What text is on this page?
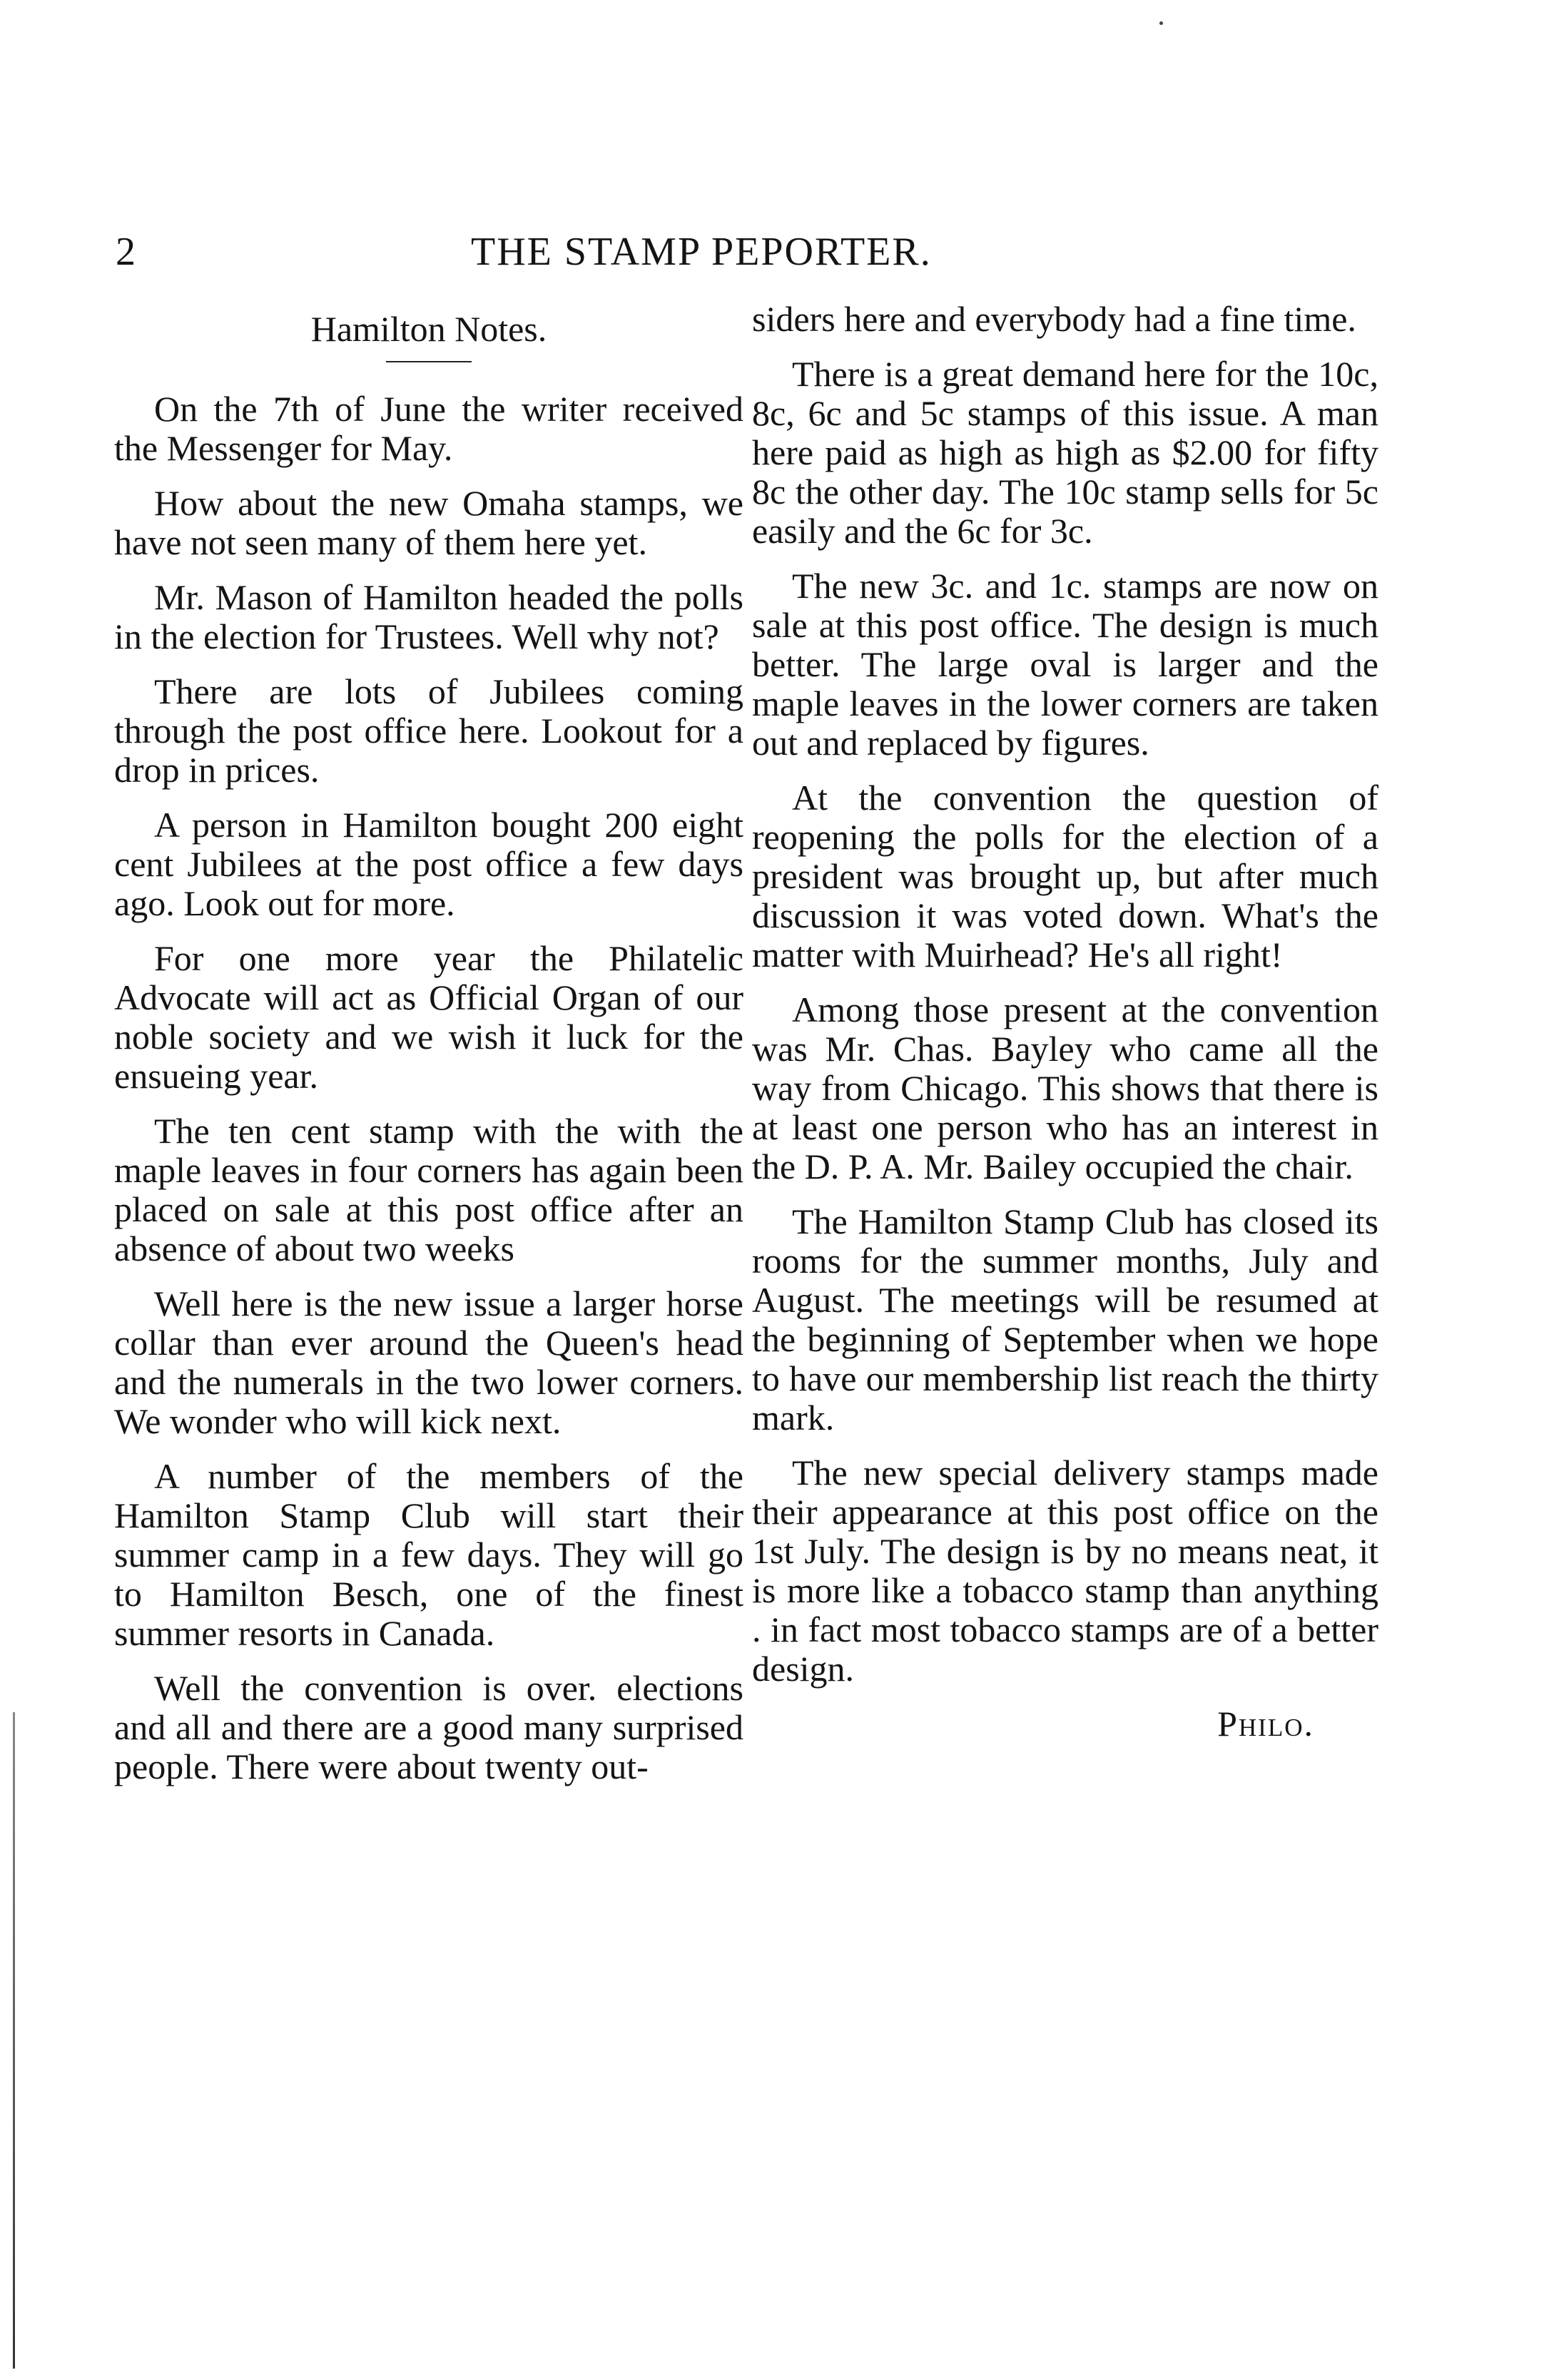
2	THE STAMP PEPORTER.
Hamilton Notes.

On the 7th of June the writer received the Messenger for May.

How about the new Omaha stamps, we have not seen many of them here yet.

Mr. Mason of Hamilton headed the polls in the election for Trustees. Well why not?

There are lots of Jubilees coming through the post office here. Lookout for a drop in prices.

A person in Hamilton bought 200 eight cent Jubilees at the post office a few days ago. Look out for more.

For one more year the Philatelic Advocate will act as Official Organ of our noble society and we wish it luck for the ensueing year.

The ten cent stamp with the with the maple leaves in four corners has again been placed on sale at this post office after an absence of about two weeks

Well here is the new issue a larger horse collar than ever around the Queen's head and the numerals in the two lower corners. We wonder who will kick next.

A number of the members of the Hamilton Stamp Club will start their summer camp in a few days. They will go to Hamilton Besch, one of the finest summer resorts in Canada.

Well the convention is over. elections and all and there are a good many surprised people. There were about twenty out-

siders here and everybody had a fine time.

There is a great demand here for the 10c, 8c, 6c and 5c stamps of this issue. A man here paid as high as high as $2.00 for fifty 8c the other day. The 10c stamp sells for 5c easily and the 6c for 3c.

The new 3c. and 1c. stamps are now on sale at this post office. The design is much better. The large oval is larger and the maple leaves in the lower corners are taken out and replaced by figures.

At the convention the question of reopening the polls for the election of a president was brought up, but after much discussion it was voted down. What's the matter with Muirhead? He's all right!

Among those present at the convention was Mr. Chas. Bayley who came all the way from Chicago. This shows that there is at least one person who has an interest in the D. P. A. Mr. Bailey occupied the chair.

The Hamilton Stamp Club has closed its rooms for the summer months, July and August. The meetings will be resumed at the beginning of September when we hope to have our membership list reach the thirty mark.

The new special delivery stamps made their appearance at this post office on the 1st July. The design is by no means neat, it is more like a tobacco stamp than anything . in fact most tobacco stamps are of a better design.

Philo.
